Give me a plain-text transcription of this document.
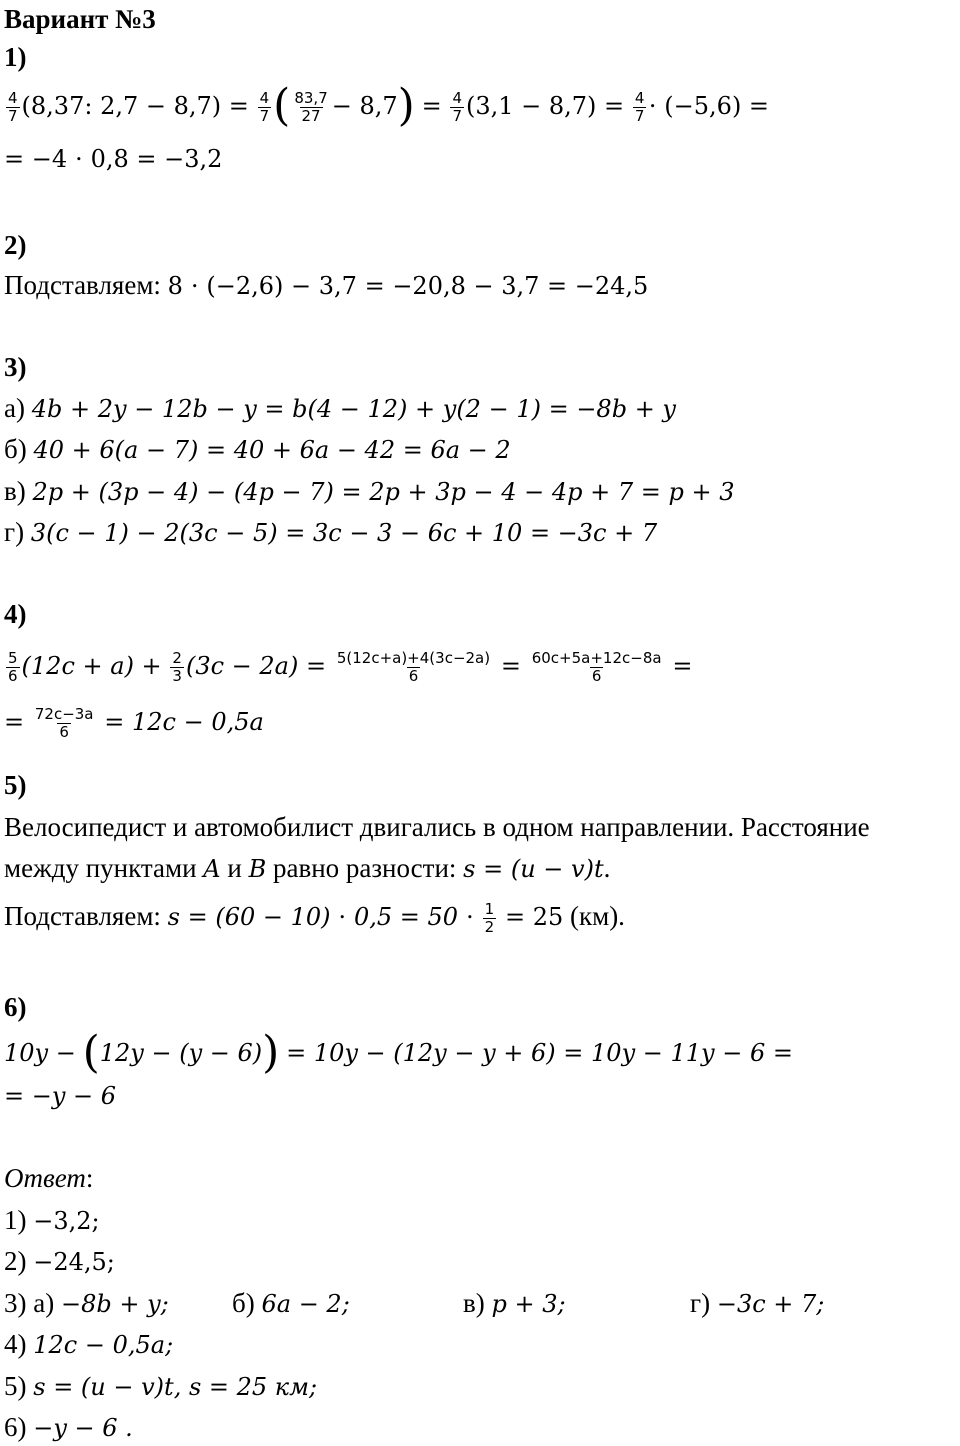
Вариант №3
1)
$\frac{4}{7} (8,37$: $2,7 - 8,7) = \frac{4}{7}$ ( $\frac{83,7}{27} - 8,7) = \frac{4}{7} (3,1 - 8,7) = \frac{4}{7} \cdot (-5,6)$ =
= −4 ⋅ 0,8 = −3,2
2)
Подставляем: 8 ⋅ (−2,6) − 3,7 = −20,8 − 3,7 = −24,5
3)
а) 4b + 2y − 12b − y = b(4 − 12) + y(2 − 1) = −8b + y
б) 40 + 6(a − 7) = 40 + 6a − 42 = 6a − 2
в) 2p + (3p − 4) − (4p − 7) = 2p + 3p − 4 − 4p + 7 = p + 3
г) 3(c − 1) − 2(3c − 5) = 3c − 3 − 6c + 10 = −3c + 7
4)
$\frac{5}{6} (12c + a) + \frac{2}{3} (3c - 2a) = \frac{5(12c+a)+4(3c-2a)}{6} = \frac{60c+5a+12c-8a}{6}$ =
= $\frac{72c-3a}{6} = 12c - 0,5a$
5)
Велосипедист и автомобилист двигались в одном направлении. Расстояние
между пунктами A и B равно разности: s = (u − v)t.
Подставляем: $s = (60 - 10) \cdot 0,5 = 50 \cdot \frac{1}{2} = 25$ (км).
6)
10y − (12y − (y − 6)) = 10y − (12y − y + 6) = 10y − 11y − 6 =
= −y − 6
Ответ:
1) −3,2;
2) −24,5;
3) а) −8b + y; б) 6a − 2;	в) p + 3;	г) −3c + 7;
4) 12c − 0,5a;
5) s = (u − v)t, s = 25 км;
6) −y − 6 .
